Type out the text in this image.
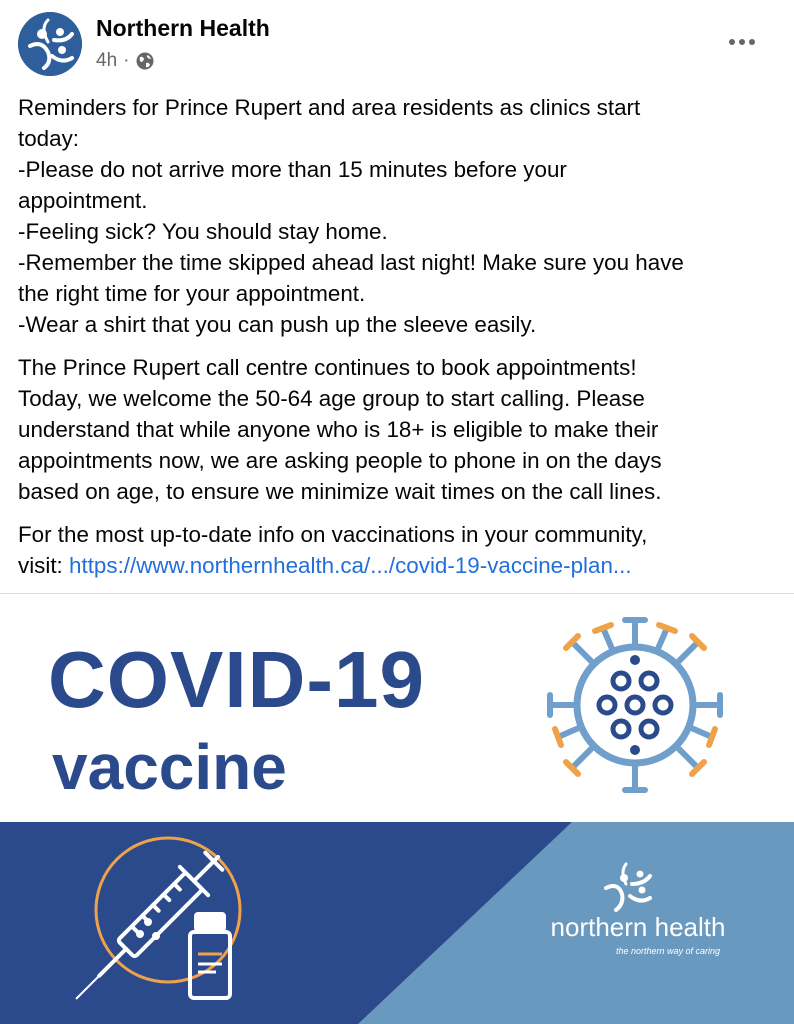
Northern Health
4h ·

Reminders for Prince Rupert and area residents as clinics start
today:
-Please do not arrive more than 15 minutes before your
appointment.
-Feeling sick? You should stay home.
-Remember the time skipped ahead last night! Make sure you have
the right time for your appointment.
-Wear a shirt that you can push up the sleeve easily.

The Prince Rupert call centre continues to book appointments!
Today, we welcome the 50-64 age group to start calling. Please
understand that while anyone who is 18+ is eligible to make their
appointments now, we are asking people to phone in on the days
based on age, to ensure we minimize wait times on the call lines.

For the most up-to-date info on vaccinations in your community,
visit: https://www.northernhealth.ca/.../covid-19-vaccine-plan...

COVID-19
vaccine
northern health
the northern way of caring
